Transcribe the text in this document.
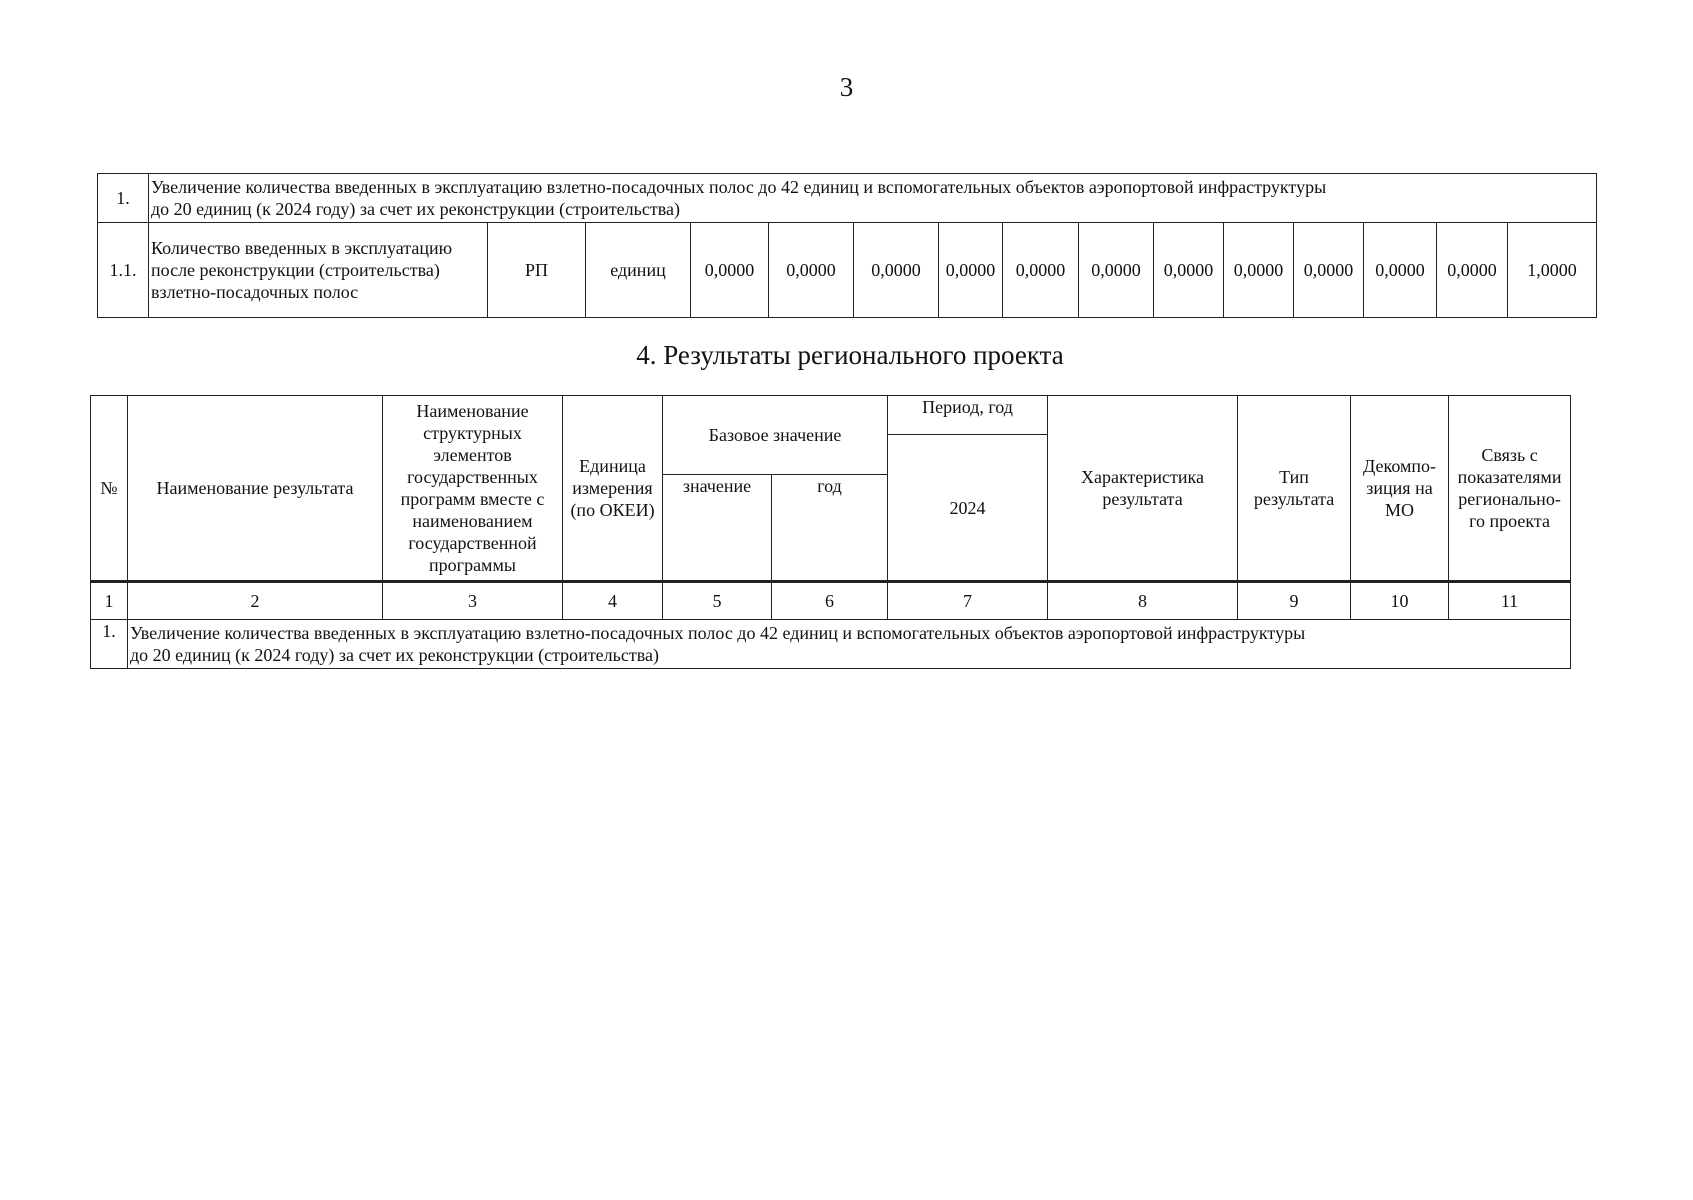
3
1.	Увеличение количества введенных в эксплуатацию взлетно-посадочных полос до 42 единиц и вспомогательных объектов аэропортовой инфраструктуры
до 20 единиц (к 2024 году) за счет их реконструкции (строительства)														
1.1.	Количество введенных в эксплуатацию после реконструкции (строительства) взлетно-посадочных полос	РП	единиц	0,0000	0,0000	0,0000	0,0000	0,0000	0,0000	0,0000	0,0000	0,0000	0,0000	0,0000	1,0000
4. Результаты регионального проекта
№	Наименование результата	Наименование структурных элементов государственных программ вместе с наименованием государственной программы	Единица измерения (по ОКЕИ)	Базовое значение		Период, год	Характеристика результата	Тип результата	Декомпо-зиция на МО	Связь с показателями регионально-го проекта
						2024				
				значение	год					
1	2	3	4	5	6	7	8	9	10	11
1.	Увеличение количества введенных в эксплуатацию взлетно-посадочных полос до 42 единиц и вспомогательных объектов аэропортовой инфраструктуры
до 20 единиц (к 2024 году) за счет их реконструкции (строительства)									
